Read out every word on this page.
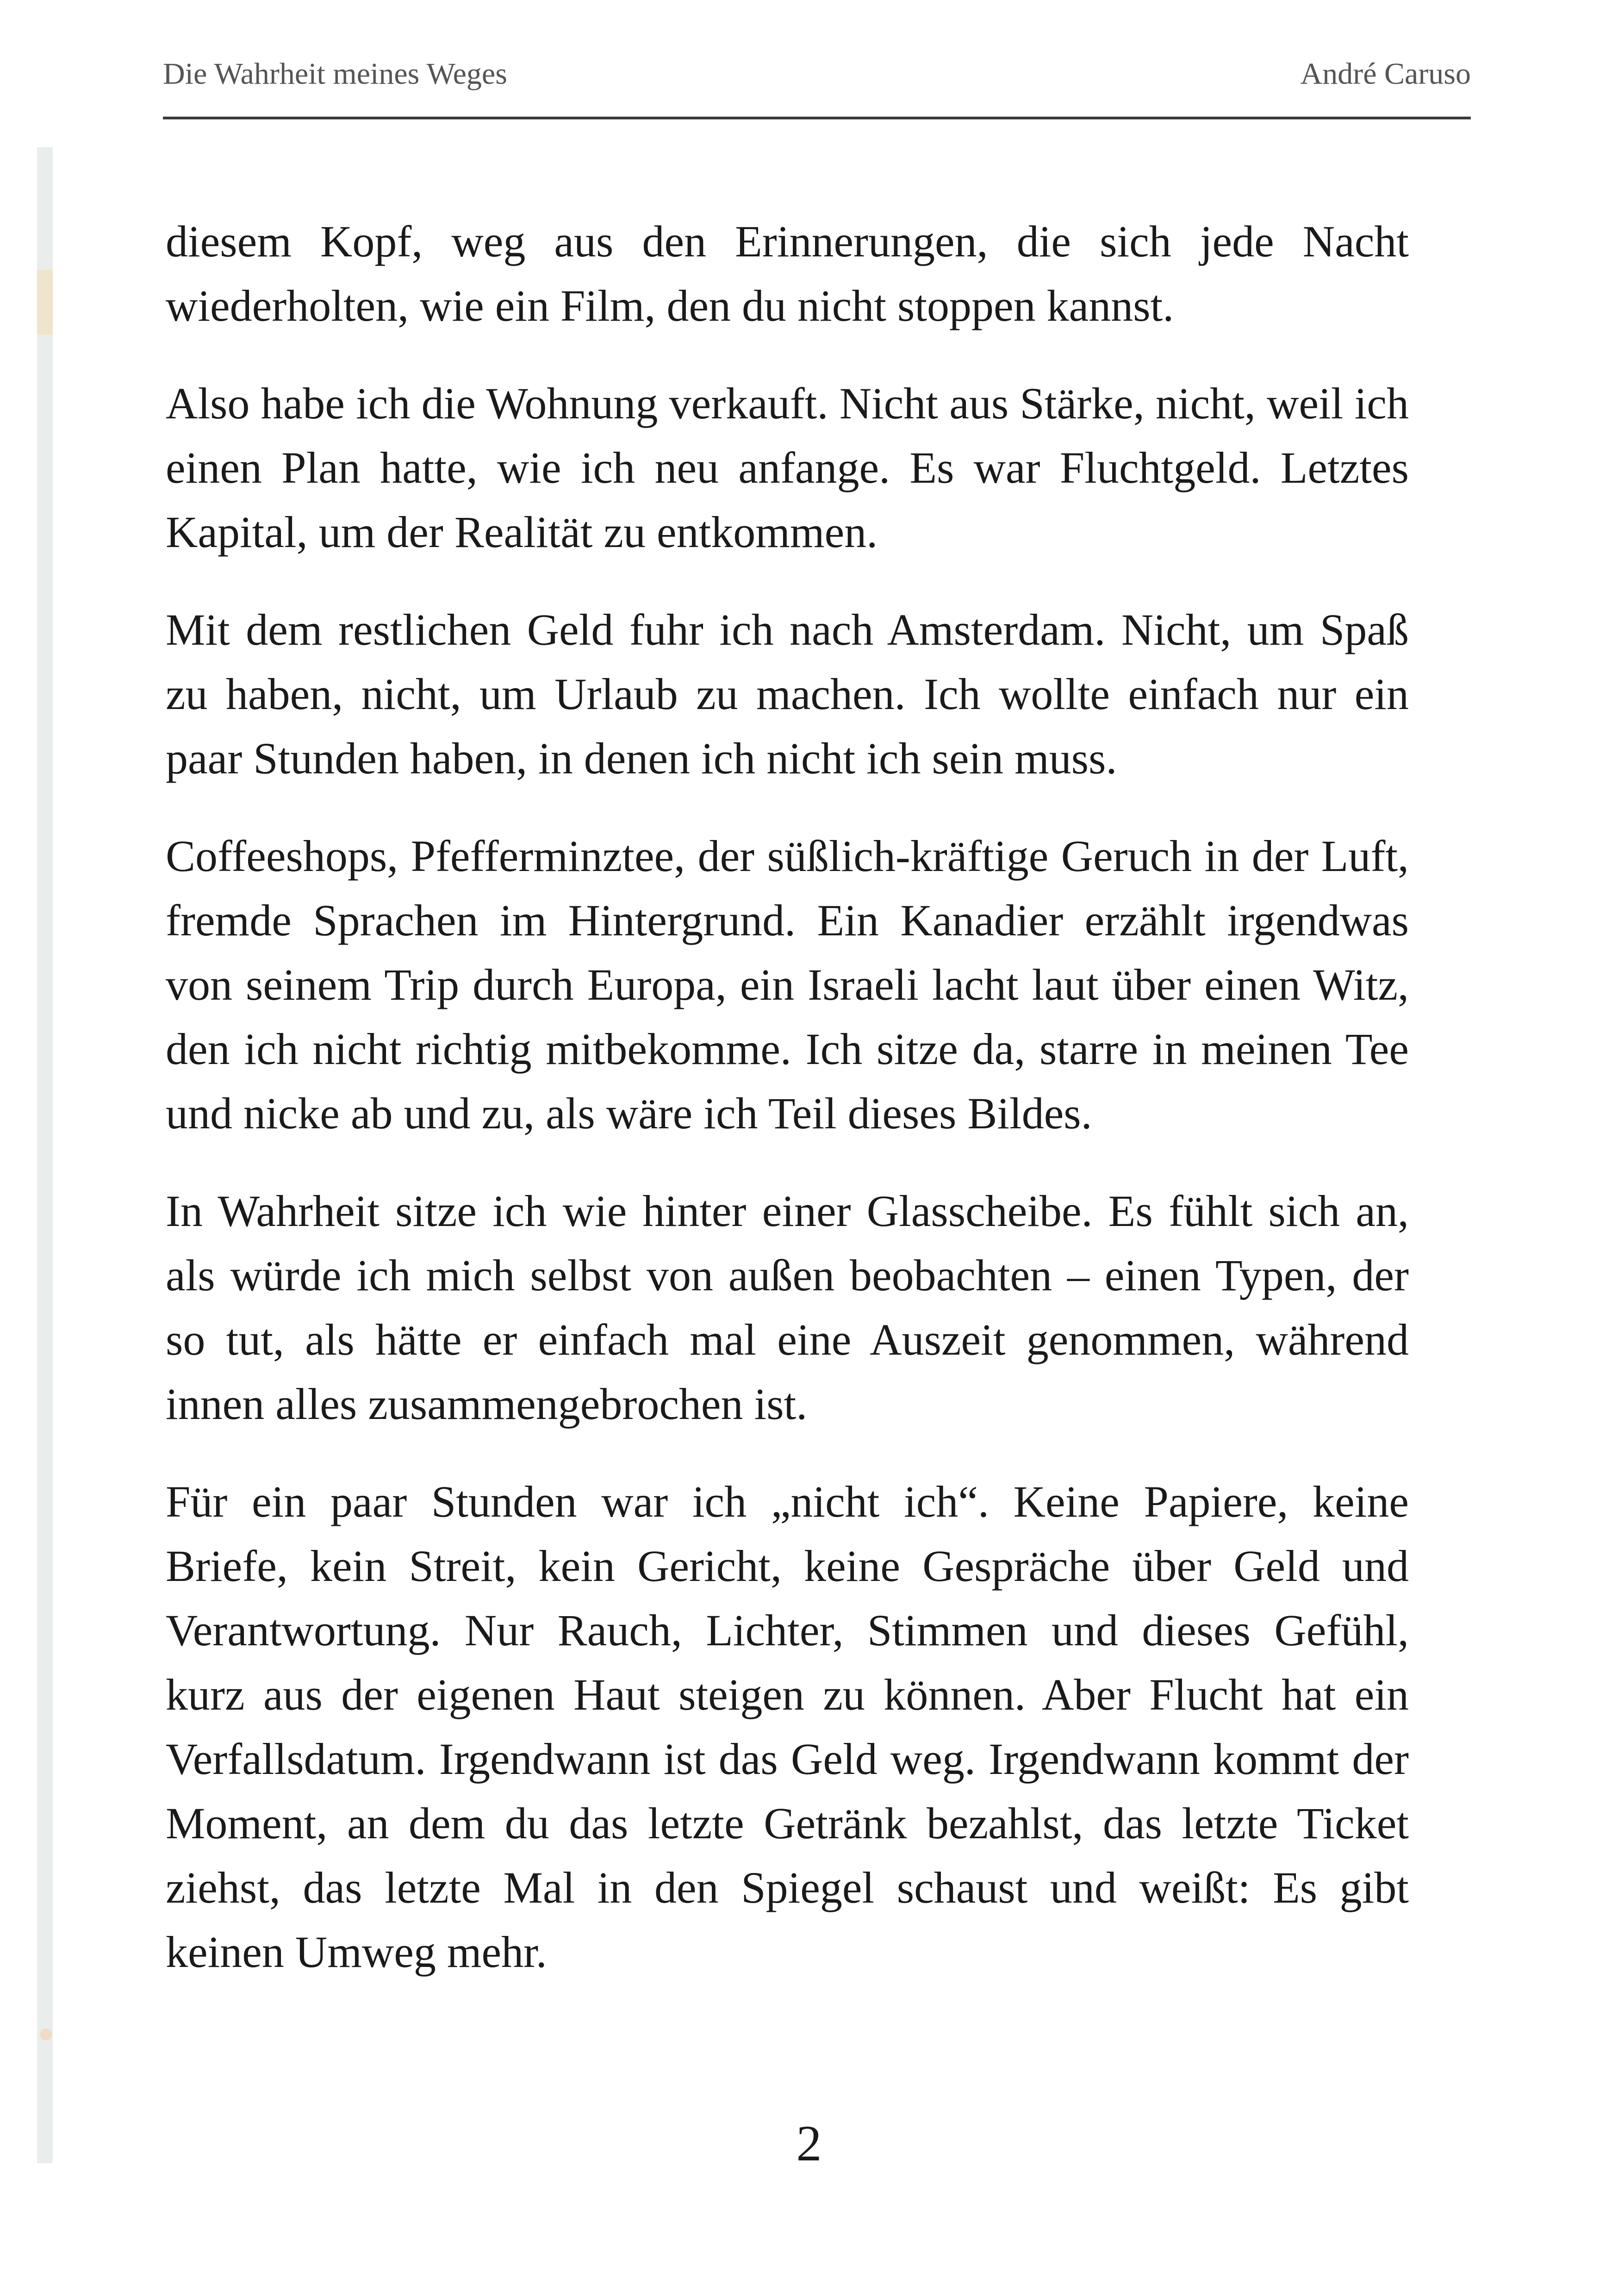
Die Wahrheit meines Weges	André Caruso

diesem Kopf, weg aus den Erinnerungen, die sich jede Nacht wiederholten, wie ein Film, den du nicht stoppen kannst.

Also habe ich die Wohnung verkauft. Nicht aus Stärke, nicht, weil ich einen Plan hatte, wie ich neu anfange. Es war Fluchtgeld. Letztes Kapital, um der Realität zu entkommen.

Mit dem restlichen Geld fuhr ich nach Amsterdam. Nicht, um Spaß zu haben, nicht, um Urlaub zu machen. Ich wollte einfach nur ein paar Stunden haben, in denen ich nicht ich sein muss.

Coffeeshops, Pfefferminztee, der süßlich-kräftige Geruch in der Luft, fremde Sprachen im Hintergrund. Ein Kanadier erzählt irgendwas von seinem Trip durch Europa, ein Israeli lacht laut über einen Witz, den ich nicht richtig mitbekomme. Ich sitze da, starre in meinen Tee und nicke ab und zu, als wäre ich Teil dieses Bildes.

In Wahrheit sitze ich wie hinter einer Glasscheibe. Es fühlt sich an, als würde ich mich selbst von außen beobachten – einen Typen, der so tut, als hätte er einfach mal eine Auszeit genommen, während innen alles zusammengebrochen ist.

Für ein paar Stunden war ich „nicht ich“. Keine Papiere, keine Briefe, kein Streit, kein Gericht, keine Gespräche über Geld und Verantwortung. Nur Rauch, Lichter, Stimmen und dieses Gefühl, kurz aus der eigenen Haut steigen zu können. Aber Flucht hat ein Verfallsdatum. Irgendwann ist das Geld weg. Irgendwann kommt der Moment, an dem du das letzte Getränk bezahlst, das letzte Ticket ziehst, das letzte Mal in den Spiegel schaust und weißt: Es gibt keinen Umweg mehr.

2
